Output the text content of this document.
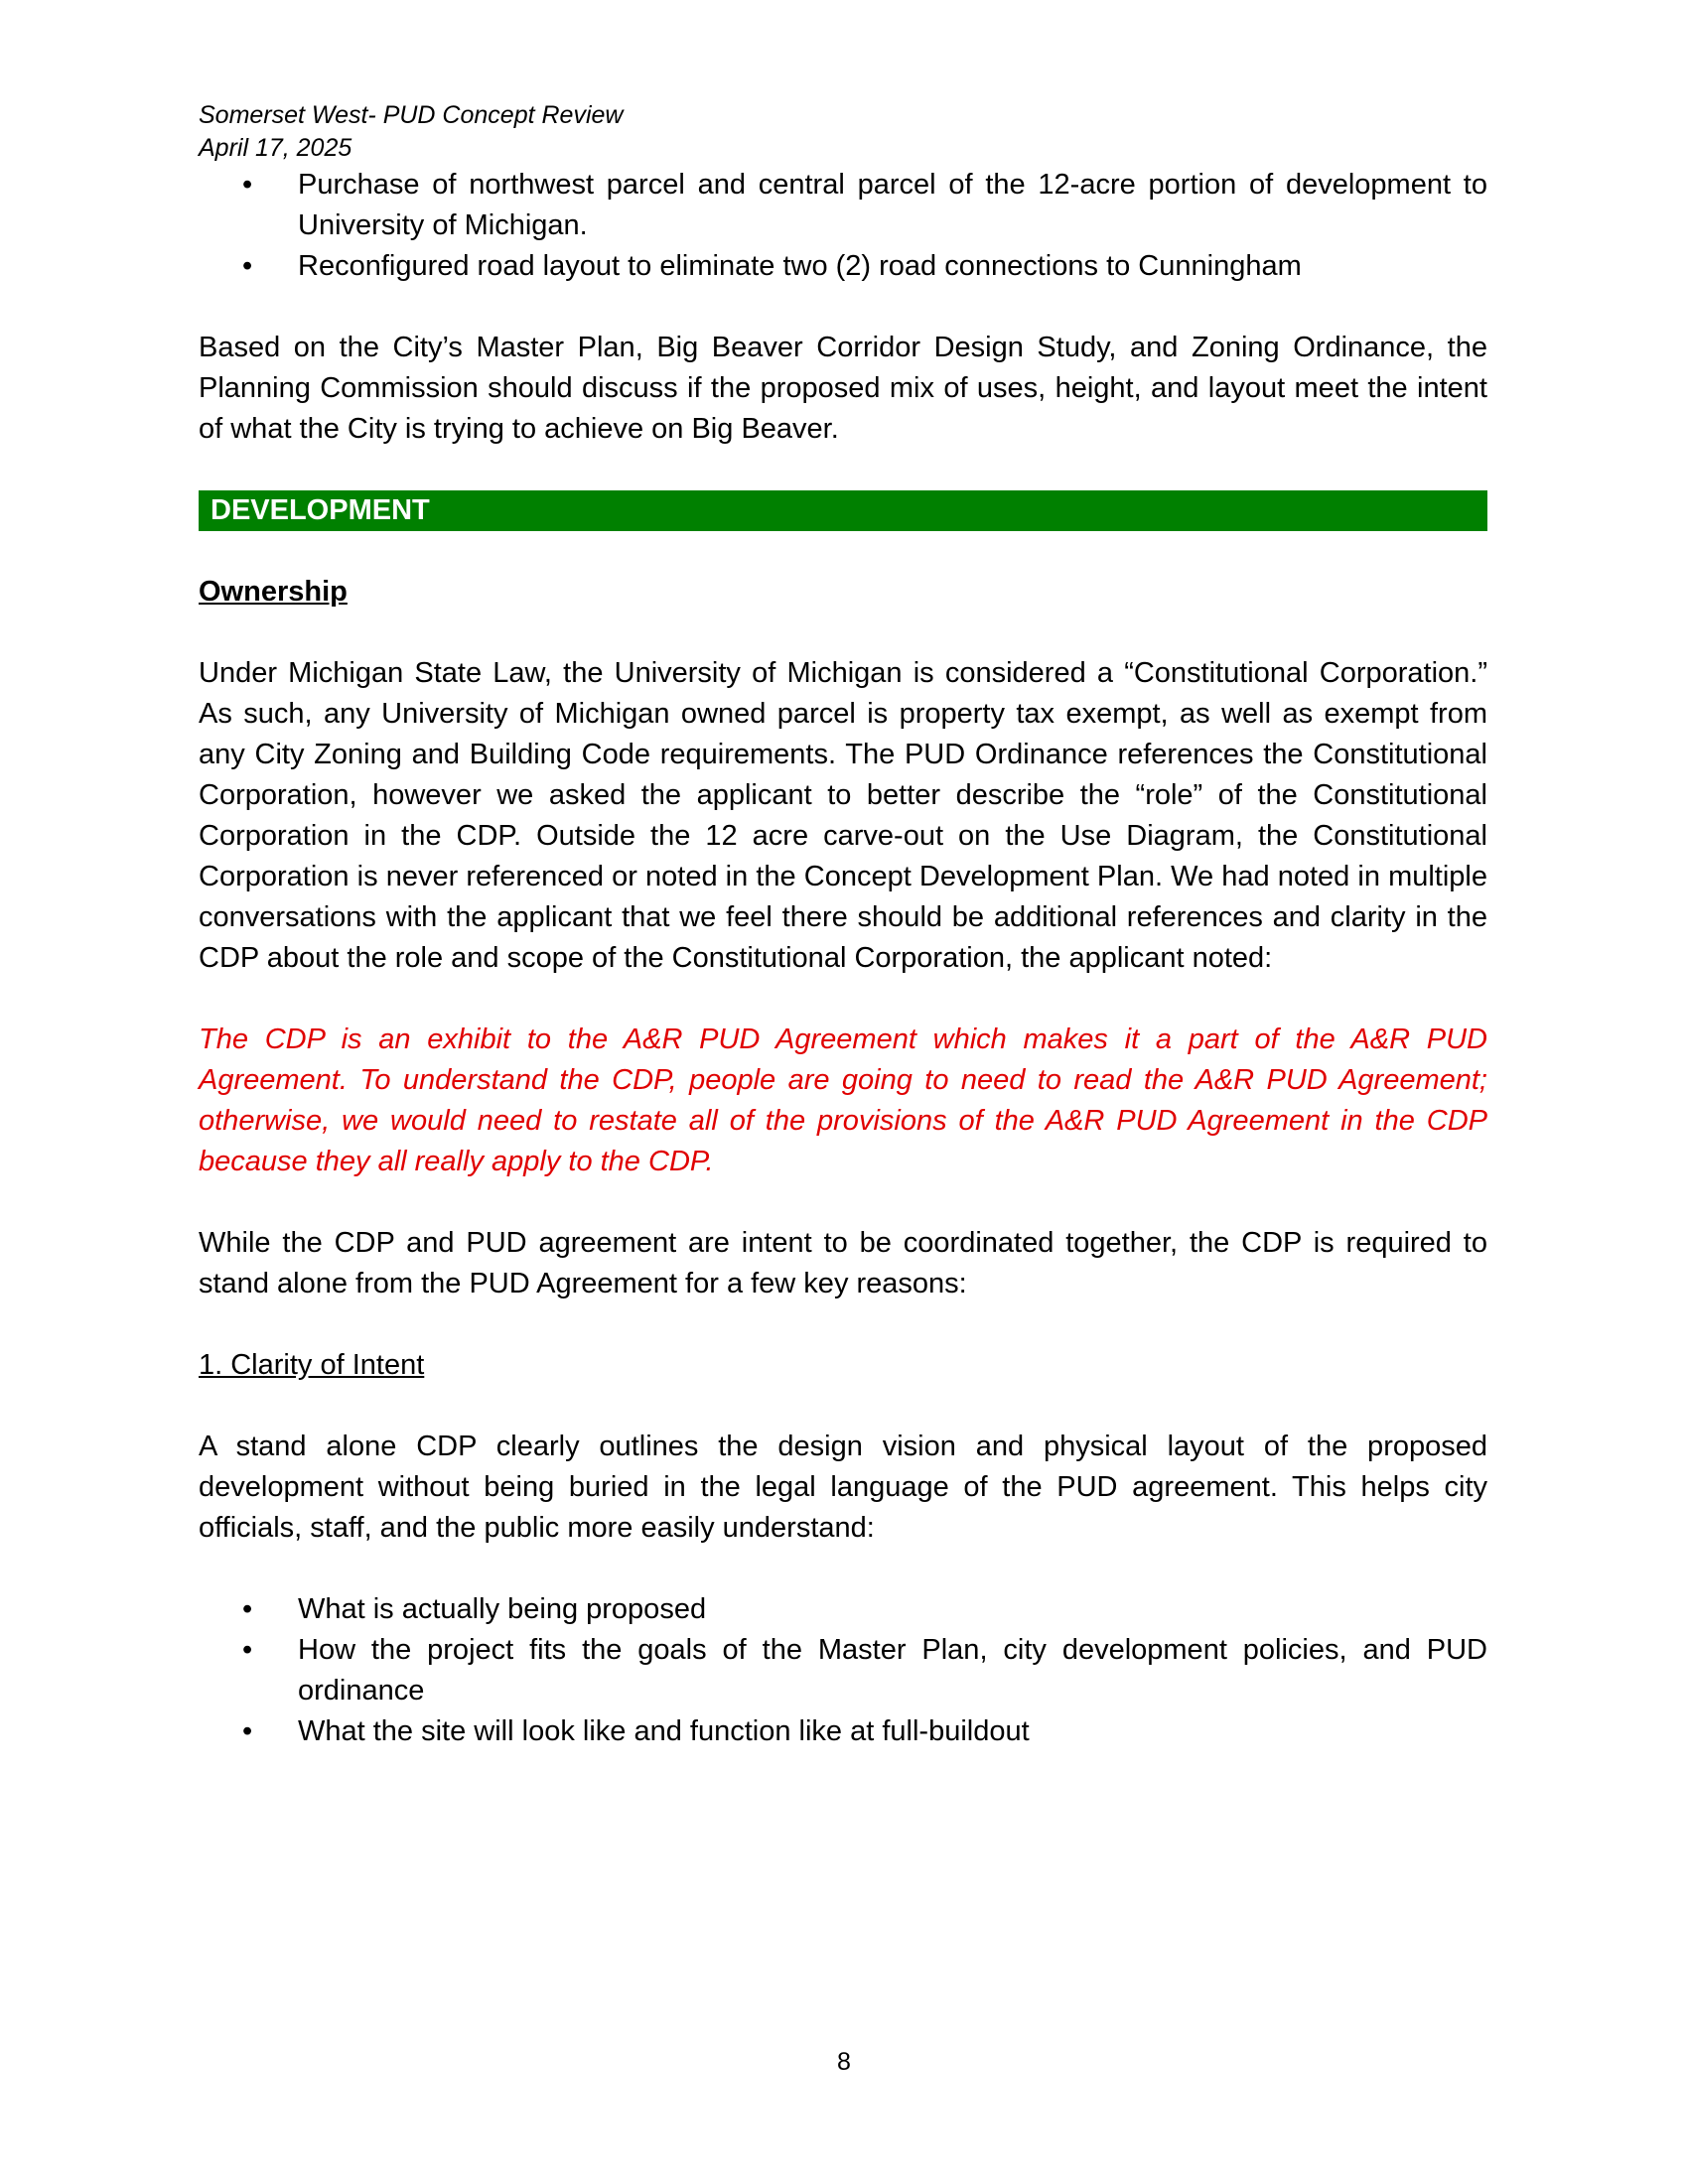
Somerset West- PUD Concept Review
April 17, 2025
• Purchase of northwest parcel and central parcel of the 12-acre portion of development to University of Michigan.
• Reconfigured road layout to eliminate two (2) road connections to Cunningham

Based on the City’s Master Plan, Big Beaver Corridor Design Study, and Zoning Ordinance, the Planning Commission should discuss if the proposed mix of uses, height, and layout meet the intent of what the City is trying to achieve on Big Beaver.

DEVELOPMENT
Ownership

Under Michigan State Law, the University of Michigan is considered a “Constitutional Corporation.” As such, any University of Michigan owned parcel is property tax exempt, as well as exempt from any City Zoning and Building Code requirements. The PUD Ordinance references the Constitutional Corporation, however we asked the applicant to better describe the “role” of the Constitutional Corporation in the CDP. Outside the 12 acre carve-out on the Use Diagram, the Constitutional Corporation is never referenced or noted in the Concept Development Plan. We had noted in multiple conversations with the applicant that we feel there should be additional references and clarity in the CDP about the role and scope of the Constitutional Corporation, the applicant noted:

The CDP is an exhibit to the A&R PUD Agreement which makes it a part of the A&R PUD Agreement. To understand the CDP, people are going to need to read the A&R PUD Agreement; otherwise, we would need to restate all of the provisions of the A&R PUD Agreement in the CDP because they all really apply to the CDP.

While the CDP and PUD agreement are intent to be coordinated together, the CDP is required to stand alone from the PUD Agreement for a few key reasons:

1. Clarity of Intent

A stand alone CDP clearly outlines the design vision and physical layout of the proposed development without being buried in the legal language of the PUD agreement. This helps city officials, staff, and the public more easily understand:

• What is actually being proposed
• How the project fits the goals of the Master Plan, city development policies, and PUD ordinance
• What the site will look like and function like at full-buildout
8
